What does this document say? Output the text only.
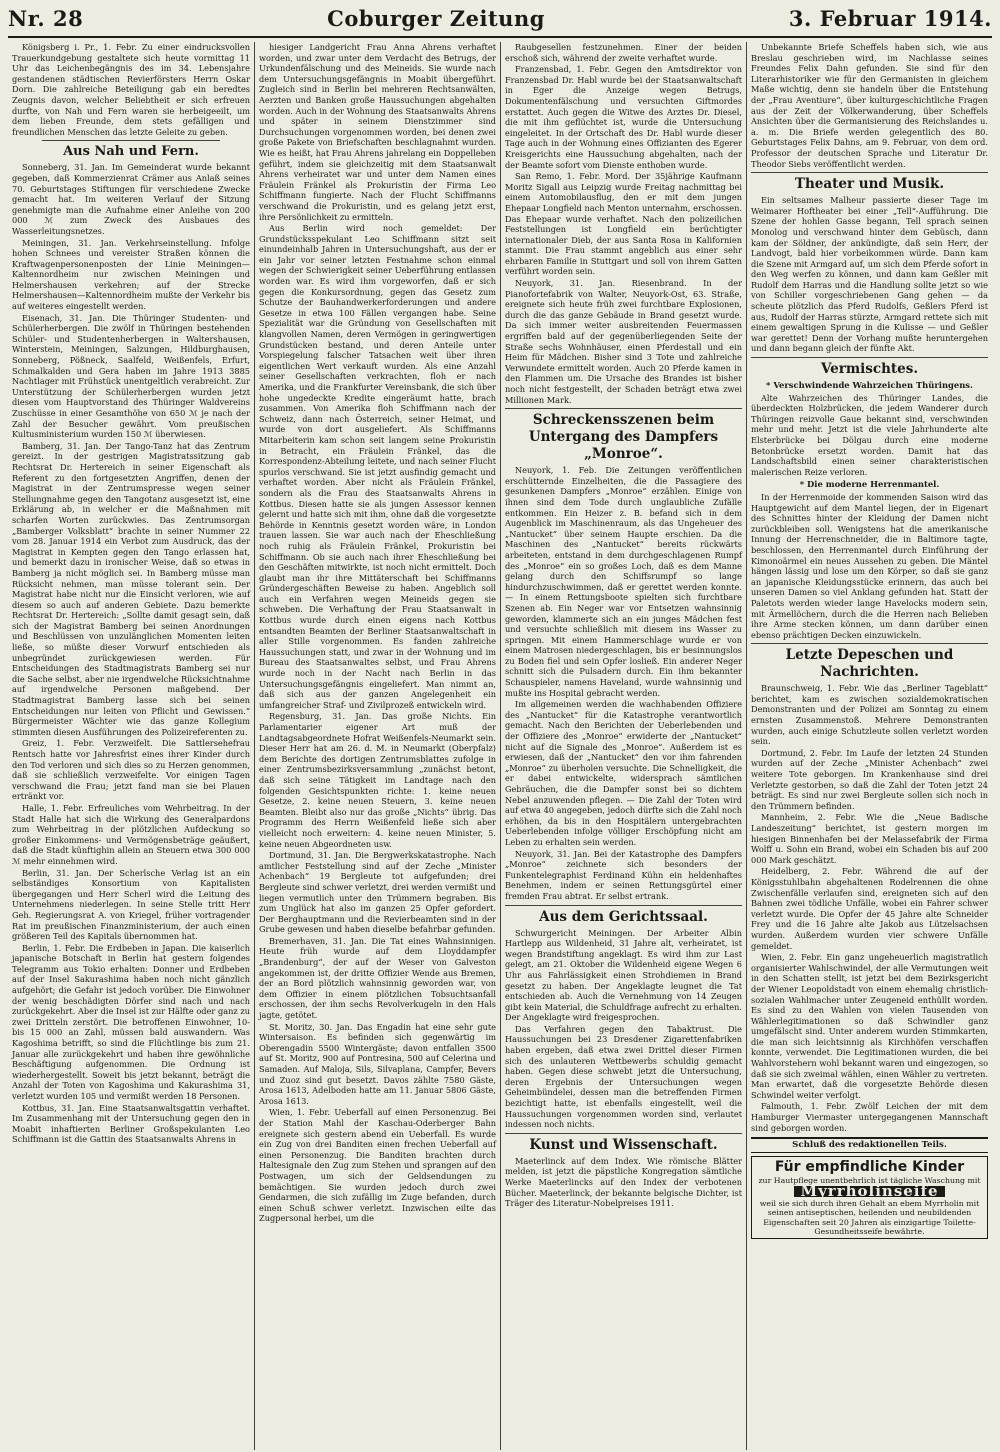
Nr. 28	Coburger Zeitung	3. Februar 1914.

Königsberg i. Pr., 1. Febr. Zu einer eindrucksvollen Trauerkundgebung gestaltete sich heute vormittag 11 Uhr das Leichenbegängnis des im 34. Lebensjahre gestandenen städtischen Revierförsters Herrn Oskar Dorn. Die zahlreiche Beteiligung gab ein beredtes Zeugnis davon, welcher Beliebtheit er sich erfreuen durfte, von Nah und Fern waren sie herbeigeeilt, um dem lieben Freunde, dem stets gefälligen und freundlichen Menschen das letzte Geleite zu geben.

Aus Nah und Fern.

Sonneberg, 31. Jan. Im Gemeinderat wurde bekannt gegeben, daß Kommerzienrat Crämer aus Anlaß seines 70. Geburtstages Stiftungen für verschiedene Zwecke gemacht hat. Im weiteren Verlauf der Sitzung genehmigte man die Aufnahme einer Anleihe von 200 000 ℳ zum Zweck des Ausbaues des Wasserleitungsnetzes.

Meiningen, 31. Jan. Verkehrseinstellung. Infolge hohen Schnees und vereister Straßen können die Kraftwagenpersonenposten der Linie Meiningen—Kaltennordheim nur zwischen Meiningen und Helmershausen verkehren; auf der Strecke Helmershausen—Kaltennordheim mußte der Verkehr bis auf weiteres eingestellt werden.

Eisenach, 31. Jan. Die Thüringer Studenten- und Schülerherbergen. Die zwölf in Thüringen bestehenden Schüler- und Studentenherbergen in Waltershausen, Winterstein, Meiningen, Salzungen, Hildburghausen, Sonneberg, Pößneck, Saalfeld, Weißenfels, Erfurt, Schmalkalden und Gera haben im Jahre 1913 3885 Nachtlager mit Frühstück unentgeltlich verabreicht. Zur Unterstützung der Schülerherbergen wurden jetzt diesen vom Hauptvorstand des Thüringer Waldvereins Zuschüsse in einer Gesamthöhe von 650 ℳ je nach der Zahl der Besucher gewährt. Vom preußischen Kultusministerium wurden 150 ℳ überwiesen.

Bamberg, 31. Jan. Der Tango-Tanz hat das Zentrum gereizt. In der gestrigen Magistratssitzung gab Rechtsrat Dr. Hertereich in seiner Eigenschaft als Referent zu den fortgesetzten Angriffen, denen der Magistrat in der Zentrumspresse wegen seiner Stellungnahme gegen den Tangotanz ausgesetzt ist, eine Erklärung ab, in welcher er die Maßnahmen mit scharfen Worten zurückwies. Das Zentrumsorgan „Bamberger Volksblatt“ brachte in seiner Nummer 22 vom 28. Januar 1914 ein Verbot zum Ausdruck, das der Magistrat in Kempten gegen den Tango erlassen hat, und bemerkt dazu in ironischer Weise, daß so etwas in Bamberg ja nicht möglich sei. In Bamberg müsse man Rücksicht nehmen, man müsse tolerant sein. Der Magistrat habe nicht nur die Einsicht verloren, wie auf diesem so auch auf anderen Gebiete. Dazu bemerkte Rechtsrat Dr. Hertereich: „Sollte damit gesagt sein, daß sich der Magistrat Bamberg bei seinen Anordnungen und Beschlüssen von unzulänglichen Momenten leiten ließe, so müßte dieser Vorwurf entschieden als unbegründet zurückgewiesen werden. Für Entscheidungen des Stadtmagistrats Bamberg sei nur die Sache selbst, aber nie irgendwelche Rücksichtnahme auf irgendwelche Personen maßgebend. Der Stadtmagistrat Bamberg lasse sich bei seinen Entscheidungen nur leiten von Pflicht und Gewissen.“ Bürgermeister Wächter wie das ganze Kollegium stimmten diesen Ausführungen des Polizeireferenten zu.

Greiz, 1. Febr. Verzweifelt. Die Sattlersehefrau Rentsch hatte vor Jahresfrist eines ihrer Kinder durch den Tod verloren und sich dies so zu Herzen genommen, daß sie schließlich verzweifelte. Vor einigen Tagen verschwand die Frau; jetzt fand man sie bei Plauen ertränkt vor.

Halle, 1. Febr. Erfreuliches vom Wehrbeitrag. In der Stadt Halle hat sich die Wirkung des Generalpardons zum Wehrbeitrag in der plötzlichen Aufdeckung so großer Einkommens- und Vermögensbeträge geäußert, daß die Stadt künftighin allein an Steuern etwa 300 000 ℳ mehr einnehmen wird.

Berlin, 31. Jan. Der Scherlsche Verlag ist an ein selbständiges Konsortium von Kapitalisten übergegangen und Herr Scherl wird die Leitung des Unternehmens niederlegen. In seine Stelle tritt Herr Geh. Regierungsrat A. von Kriegel, früher vortragender Rat im preußischen Finanzministerium, der auch einen größeren Teil des Kapitals übernommen hat.

Berlin, 1. Febr. Die Erdbeben in Japan. Die kaiserlich japanische Botschaft in Berlin hat gestern folgendes Telegramm aus Tokio erhalten: Donner und Erdbeben auf der Insel Sakurashima haben noch nicht gänzlich aufgehört; die Gefahr ist jedoch vorüber. Die Einwohner der wenig beschädigten Dörfer sind nach und nach zurückgekehrt. Aber die Insel ist zur Hälfte oder ganz zu zwei Dritteln zerstört. Die betroffenen Einwohner, 10- bis 15 000 an Zahl, müssen bald auswandern. Was Kagoshima betrifft, so sind die Flüchtlinge bis zum 21. Januar alle zurückgekehrt und haben ihre gewöhnliche Beschäftigung aufgenommen. Die Ordnung ist wiederhergestellt. Soweit bis jetzt bekannt, beträgt die Anzahl der Toten von Kagoshima und Kakurashima 31, verletzt wurden 105 und vermißt werden 18 Personen.

Kottbus, 31. Jan. Eine Staatsanwaltsgattin verhaftet. Im Zusammenhang mit der Untersuchung gegen den in Moabit inhaftierten Berliner Großspekulanten Leo Schiffmann ist die Gattin des Staatsanwalts Ahrens in

hiesiger Landgericht Frau Anna Ahrens verhaftet worden, und zwar unter dem Verdacht des Betrugs, der Urkundenfälschung und des Meineids. Sie wurde nach dem Untersuchungsgefängnis in Moabit übergeführt. Zugleich sind in Berlin bei mehreren Rechtsanwälten, Aerzten und Banken große Haussuchungen abgehalten worden. Auch in der Wohnung des Staatsanwalts Ahrens und später in seinem Dienstzimmer sind Durchsuchungen vorgenommen worden, bei denen zwei große Pakete von Briefschaften beschlagnahmt wurden. Wie es heißt, hat Frau Ahrens jahrelang ein Doppelleben geführt, indem sie gleichzeitig mit dem Staatsanwalt Ahrens verheiratet war und unter dem Namen eines Fräulein Fränkel als Prokuristin der Firma Leo Schiffmann fungierte. Nach der Flucht Schiffmanns verschwand die Prokuristin, und es gelang jetzt erst, ihre Persönlichkeit zu ermitteln.

Aus Berlin wird noch gemeldet: Der Grundstücksspekulant Leo Schiffmann sitzt seit einundeinhalb Jahren in Untersuchungshaft, aus der er ein Jahr vor seiner letzten Festnahme schon einmal wegen der Schwierigkeit seiner Ueberführung entlassen worden war. Es wird ihm vorgeworfen, daß er sich gegen die Konkursordnung, gegen das Gesetz zum Schutze der Bauhandwerkerforderungen und andere Gesetze in etwa 100 Fällen vergangen habe. Seine Spezialität war die Gründung von Gesellschaften mit klangvollen Namen, deren Vermögen in geringwertigen Grundstücken bestand, und deren Anteile unter Vorspiegelung falscher Tatsachen weit über ihren eigentlichen Wert verkauft wurden. Als eine Anzahl seiner Gesellschaften verkrachten, floh er nach Amerika, und die Frankfurter Vereinsbank, die sich über hohe ungedeckte Kredite eingeräumt hatte, brach zusammen. Von Amerika floh Schiffmann nach der Schweiz, dann nach Österreich, seiner Heimat, und wurde von dort ausgeliefert. Als Schiffmanns Mitarbeiterin kam schon seit langem seine Prokuristin in Betracht, ein Fräulein Fränkel, das die Korrespondenz-Abteilung leitete, und nach seiner Flucht spurlos verschwand. Sie ist jetzt ausfindig gemacht und verhaftet worden. Aber nicht als Fräulein Fränkel, sondern als die Frau des Staatsanwalts Ahrens in Kottbus. Diesen hatte sie als jungen Assessor kennen gelernt und hatte sich mit ihm, ohne daß die vorgesetzte Behörde in Kenntnis gesetzt worden wäre, in London trauen lassen. Sie war auch nach der Eheschließung noch ruhig als Fräulein Fränkel, Prokuristin bei Schiffmann. Ob sie auch nach ihrer Eheschließung bei den Geschäften mitwirkte, ist noch nicht ermittelt. Doch glaubt man ihr ihre Mittäterschaft bei Schiffmanns Gründergeschäften Beweise zu haben. Angeblich soll auch ein Verfahren wegen Meineids gegen sie schweben. Die Verhaftung der Frau Staatsanwalt in Kottbus wurde durch einen eigens nach Kottbus entsandten Beamten der Berliner Staatsanwaltschaft in aller Stille vorgenommen. Es fanden zahlreiche Haussuchungen statt, und zwar in der Wohnung und im Bureau des Staatsanwaltes selbst, und Frau Ahrens wurde noch in der Nacht nach Berlin in das Untersuchungsgefängnis eingeliefert. Man nimmt an, daß sich aus der ganzen Angelegenheit ein umfangreicher Straf- und Zivilprozeß entwickeln wird.

Regensburg, 31. Jan. Das große Nichts. Ein Parlamentarier eigener Art muß der Landtagsabgeordnete Hofrat Weißenfels-Neumarkt sein. Dieser Herr hat am 26. d. M. in Neumarkt (Oberpfalz) dem Berichte des dortigen Zentrumsblattes zufolge in einer Zentrumsbezirksversammlung „zunächst betont, daß sich seine Tätigkeit im Landtage nach den folgenden Gesichtspunkten richte: 1. keine neuen Gesetze, 2. keine neuen Steuern, 3. keine neuen Beamten. Bleibt also nur das große „Nichts“ übrig. Das Programm des Herrn Weißenfeld ließe sich aber vielleicht noch erweitern: 4. keine neuen Minister, 5. keine neuen Abgeordneten usw.

Dortmund, 31. Jan. Die Bergwerkskatastrophe. Nach amtlicher Feststellung sind auf der Zeche „Minister Achenbach“ 19 Bergleute tot aufgefunden; drei Bergleute sind schwer verletzt, drei werden vermißt und liegen vermutlich unter den Trümmern begraben. Bis zum Unglück hat also im ganzen 25 Opfer gefordert. Der Berghauptmann und die Revierbeamten sind in der Grube gewesen und haben dieselbe befahrbar gefunden.

Bremerhaven, 31. Jan. Die Tat eines Wahnsinnigen. Heute früh wurde auf dem Lloyddampfer „Brandenburg“, der auf der Weser von Galveston angekommen ist, der dritte Offizier Wende aus Bremen, der an Bord plötzlich wahnsinnig geworden war, von dem Offizier in einem plötzlichen Tobsuchtsanfall erschossen, der ihm sechs Revolverkugeln in den Hals jagte, getötet.

St. Moritz, 30. Jan. Das Engadin hat eine sehr gute Wintersaison. Es befinden sich gegenwärtig im Oberengadin 5500 Wintergäste; davon entfallen 3500 auf St. Moritz, 900 auf Pontresina, 500 auf Celerina und Samaden. Auf Maloja, Sils, Silvaplana, Campfer, Bevers und Zuoz sind gut besetzt. Davos zählte 7580 Gäste, Arosa 1613, Adelboden hatte am 11. Januar 5806 Gäste, Arosa 1613.

Wien, 1. Febr. Ueberfall auf einen Personenzug. Bei der Station Mahl der Kaschau-Oderberger Bahn ereignete sich gestern abend ein Ueberfall. Es wurde ein Zug von drei Banditen einen frechen Ueberfall auf einen Personenzug. Die Banditen brachten durch Haltesignale den Zug zum Stehen und sprangen auf den Postwagen, um sich der Geldsendungen zu bemächtigen. Sie wurden jedoch durch zwei Gendarmen, die sich zufällig im Zuge befanden, durch einen Schuß schwer verletzt. Inzwischen eilte das Zugpersonal herbei, um die

Raubgesellen festzunehmen. Einer der beiden erschoß sich, während der zweite verhaftet wurde.

Franzensbad, 1. Febr. Gegen den Amtsdirektor von Franzensbad Dr. Habl wurde bei der Staatsanwaltschaft in Eger die Anzeige wegen Betrugs, Dokumentenfälschung und versuchten Giftmordes erstattet. Auch gegen die Witwe des Arztes Dr. Diesel, die mit ihm geflüchtet ist, wurde die Untersuchung eingeleitet. In der Ortschaft des Dr. Habl wurde dieser Tage auch in der Wohnung eines Offizianten des Egerer Kreisgerichts eine Haussuchung abgehalten, nach der der Beamte sofort vom Dienste enthoben wurde.

San Remo, 1. Febr. Mord. Der 35jährige Kaufmann Moritz Sigall aus Leipzig wurde Freitag nachmittag bei einem Automobilausflug, den er mit dem jungen Ehepaar Longfield nach Menton unternahm, erschossen. Das Ehepaar wurde verhaftet. Nach den polizeilichen Feststellungen ist Longfield ein berüchtigter internationaler Dieb, der aus Santa Rosa in Kalifornien stammt. Die Frau stammt angeblich aus einer sehr ehrbaren Familie in Stuttgart und soll von ihrem Gatten verführt worden sein.

Neuyork, 31. Jan. Riesenbrand. In der Pianofortefabrik von Walter, Neuyork-Ost, 63. Straße, ereignete sich heute früh zwei furchtbare Explosionen, durch die das ganze Gebäude in Brand gesetzt wurde. Da sich immer weiter ausbreitenden Feuermassen ergriffen bald auf der gegenüberliegenden Seite der Straße sechs Wohnhäuser, einen Pferdestall und ein Heim für Mädchen. Bisher sind 3 Tote und zahlreiche Verwundete ermittelt worden. Auch 20 Pferde kamen in den Flammen um. Die Ursache des Brandes ist bisher noch nicht festgestellt, der Schaden beträgt etwa zwei Millionen Mark.

Schreckensszenen beim Untergang des Dampfers „Monroe“.

Neuyork, 1. Feb. Die Zeitungen veröffentlichen erschütternde Einzelheiten, die die Passagiere des gesunkenen Dampfers „Monroe“ erzählen. Einige von ihnen sind dem Tode durch unglaubliche Zufälle entkommen. Ein Heizer z. B. befand sich in dem Augenblick im Maschinenraum, als das Ungeheuer des „Nantucket“ über seinem Haupte erschien. Da die Maschinen des „Nantucket“ bereits rückwärts arbeiteten, entstand in dem durchgeschlagenen Rumpf des „Monroe“ ein so großes Loch, daß es dem Manne gelang durch den Schiffsrumpf so lange hindurchzuschwimmen, daß er gerettet werden konnte. — In einem Rettungsboote spielten sich furchtbare Szenen ab. Ein Neger war vor Entsetzen wahnsinnig geworden, klammerte sich an ein junges Mädchen fest und versuchte schließlich mit diesem ins Wasser zu springen. Mit einem Hammerschlage wurde er von einem Matrosen niedergeschlagen, bis er besinnungslos zu Boden fiel und sein Opfer losließ. Ein anderer Neger schnitt sich die Pulsadern durch. Ein ihm bekannter Schauspieler, namens Haveland, wurde wahnsinnig und mußte ins Hospital gebracht werden.

Im allgemeinen werden die wachhabenden Offiziere des „Nantucket“ für die Katastrophe verantwortlich gemacht. Nach den Berichten der Ueberlebenden und der Offiziere des „Monroe“ erwiderte der „Nantucket“ nicht auf die Signale des „Monroe“. Außerdem ist es erwiesen, daß der „Nantucket“ den vor ihm fahrenden „Monroe“ zu überholen versuchte. Die Schnelligkeit, die er dabei entwickelte, widersprach sämtlichen Gebräuchen, die die Dampfer sonst bei so dichtem Nebel anzuwenden pflegen. — Die Zahl der Toten wird auf etwa 40 angegeben, jedoch dürfte sich die Zahl noch erhöhen, da bis in den Hospitälern untergebrachten Ueberlebenden infolge völliger Erschöpfung nicht am Leben zu erhalten sein werden.

Neuyork, 31. Jan. Bei der Katastrophe des Dampfers „Monroe“ zeichnete sich besonders der Funkentelegraphist Ferdinand Kühn ein heldenhaftes Benehmen, indem er seinen Rettungsgürtel einer fremden Frau abtrat. Er selbst ertrank.

Aus dem Gerichtssaal.

Schwurgericht Meiningen. Der Arbeiter Albin Hartlepp aus Wildenheid, 31 Jahre alt, verheiratet, ist wegen Brandstiftung angeklagt. Es wird ihm zur Last gelegt, am 21. Oktober die Wildenheid eigene Wegen 6 Uhr aus Fahrlässigkeit einen Strohdiemen in Brand gesetzt zu haben. Der Angeklagte leugnet die Tat entschieden ab. Auch die Vernehmung von 14 Zeugen gibt kein Material, die Schuldfrage aufrecht zu erhalten. Der Angeklagte wird freigesprochen.

Das Verfahren gegen den Tabaktrust. Die Haussuchungen bei 23 Dresdener Zigarettenfabriken haben ergeben, daß etwa zwei Drittel dieser Firmen sich des unlauteren Wettbewerbs schuldig gemacht haben. Gegen diese schwebt jetzt die Untersuchung, deren Ergebnis der Untersuchungen wegen Geheimbündelei, dessen man die betreffenden Firmen bezichtigt hatte, ist ebenfalls eingestellt, weil die Haussuchungen vorgenommen worden sind, verlautet indessen noch nichts.

Kunst und Wissenschaft.

Maeterlinck auf dem Index. Wie römische Blätter melden, ist jetzt die päpstliche Kongregation sämtliche Werke Maeterlincks auf den Index der verbotenen Bücher. Maeterlinck, der bekannte belgische Dichter, ist Träger des Literatur-Nobelpreises 1911.

Unbekannte Briefe Scheffels haben sich, wie aus Breslau geschrieben wird, im Nachlasse seines Freundes Felix Dahn gefunden. Sie sind für den Literarhistoriker wie für den Germanisten in gleichem Maße wichtig, denn sie handeln über die Entstehung der „Frau Aventiure“, über kulturgeschichtliche Fragen aus der Zeit der Völkerwanderung, über Scheffels Ansichten über die Germanisierung des Reichslandes u. a. m. Die Briefe werden gelegentlich des 80. Geburtstages Felix Dahns, am 9. Februar, von dem ord. Professor der deutschen Sprache und Literatur Dr. Theodor Siebs veröffentlicht werden.

Theater und Musik.

Ein seltsames Malheur passierte dieser Tage im Weimarer Hoftheater bei einer „Tell“-Aufführung. Die Szene der hohlen Gasse begann, Tell sprach seinen Monolog und verschwand hinter dem Gebüsch, dann kam der Söldner, der ankündigte, daß sein Herr, der Landvogt, bald hier vorbeikommen würde. Dann kam die Szene mit Armgard auf, um sich dem Pferde sofort in den Weg werfen zu können, und dann kam Geßler mit Rudolf dem Harras und die Handlung sollte jetzt so wie von Schiller vorgeschriebenen Gang gehen — da scheute plötzlich das Pferd Rudolfs, Geßlers Pferd ist aus, Rudolf der Harras stürzte, Armgard rettete sich mit einem gewaltigen Sprung in die Kulisse — und Geßler war gerettet! Denn der Vorhang mußte heruntergehen und dann begann gleich der fünfte Akt.

Vermischtes.
* Verschwindende Wahrzeichen Thüringens.

Alte Wahrzeichen des Thüringer Landes, die überdeckten Holzbrücken, die jedem Wanderer durch Thüringen reizvolle Gaue bekannt sind, verschwinden mehr und mehr. Jetzt ist die viele Jahrhunderte alte Elsterbrücke bei Dölgau durch eine moderne Betonbrücke ersetzt worden. Damit hat das Landschaftsbild einen seiner charakteristischen malerischen Reize verloren.

* Die moderne Herrenmantel.

In der Herrenmoide der kommenden Saison wird das Hauptgewicht auf dem Mantel liegen, der in Eigenart des Schnittes hinter der Kleidung der Damen nicht zurückbleiben soll. Wenigstens hat die amerikanische Innung der Herrenschneider, die in Baltimore tagte, beschlossen, den Herrenmantel durch Einführung der Kimonoärmel ein neues Aussehen zu geben. Die Mäntel hängen lässig und lose um den Körper, so daß sie ganz an japanische Kleidungsstücke erinnern, das auch bei unseren Damen so viel Anklang gefunden hat. Statt der Paletots werden wieder lange Havelocks modern sein, mit Ärmellöchern, durch die die Herren nach Belieben ihre Arme stecken können, um dann darüber einen ebenso prächtigen Decken einzuwickeln.

Letzte Depeschen und Nachrichten.

Braunschweig, 1. Febr. Wie das „Berliner Tageblatt“ berichtet, kam es zwischen sozialdemokratischen Demonstranten und der Polizei am Sonntag zu einem ernsten Zusammenstoß. Mehrere Demonstranten wurden, auch einige Schutzleute sollen verletzt worden sein.

Dortmund, 2. Febr. Im Laufe der letzten 24 Stunden wurden auf der Zeche „Minister Achenbach“ zwei weitere Tote geborgen. Im Krankenhause sind drei Verletzte gestorben, so daß die Zahl der Toten jetzt 24 beträgt. Es sind nur zwei Bergleute sollen sich noch in den Trümmern befinden.

Mannheim, 2. Febr. Wie die „Neue Badische Landeszeitung“ berichtet, ist gestern morgen im hiesigen Binnenhafen bei der Melassefabrik der Firma Wolff u. Sohn ein Brand, wobei ein Schaden bis auf 200 000 Mark geschätzt.

Heidelberg, 2. Febr. Während die auf der Königsstuhlbahn abgehaltenen Rodelrennen die ohne Zwischenfälle verlaufen sind, ereigneten sich auf den Bahnen zwei tödliche Unfälle, wobei ein Fahrer schwer verletzt wurde. Die Opfer der 45 Jahre alte Schneider Frey und die 16 Jahre alte Jakob aus Lützelsachsen wurden. Außerdem wurden vier schwere Unfälle gemeldet.

Wien, 2. Febr. Ein ganz ungeheuerlich magistratlich organisierter Wahlschwindel, der alle Vermutungen weit in den Schatten stellt, ist jetzt bei dem Bezirksgericht der Wiener Leopoldstadt von einem ehemalig christlich-sozialen Wahlmacher unter Zeugeneid enthüllt worden. Es sind zu den Wahlen von vielen Tausenden von Wählerlegitimationen so daß Schwindler ganz umgefälscht sind. Unter anderem wurden Stimmkarten, die man sich leichtsinnig als Kirchhöfen verschaffen konnte, verwendet. Die Legitimationen wurden, die bei Wahlvorstehern wohl bekannt waren und eingezogen, so daß sie sich zweimal wählen, einen Wähler zu vertreten. Man erwartet, daß die vorgesetzte Behörde diesen Schwindel weiter verfolgt.

Falmouth, 1. Febr. Zwölf Leichen der mit dem Hamburger Viermaster untergegangenen Mannschaft sind geborgen worden.

Schluß des redaktionellen Teils.
Für empfindliche Kinder
zur Hautpflege unentbehrlich ist tägliche Waschung mit
Myrrholinseife
weil sie sich durch ihren Gehalt an ebem Myrrholin mit seinen antiseptischen, heilenden und neubildenden Eigenschaften seit 20 Jahren als einzigartige Toilette- Gesundheitsseife bewährte.
